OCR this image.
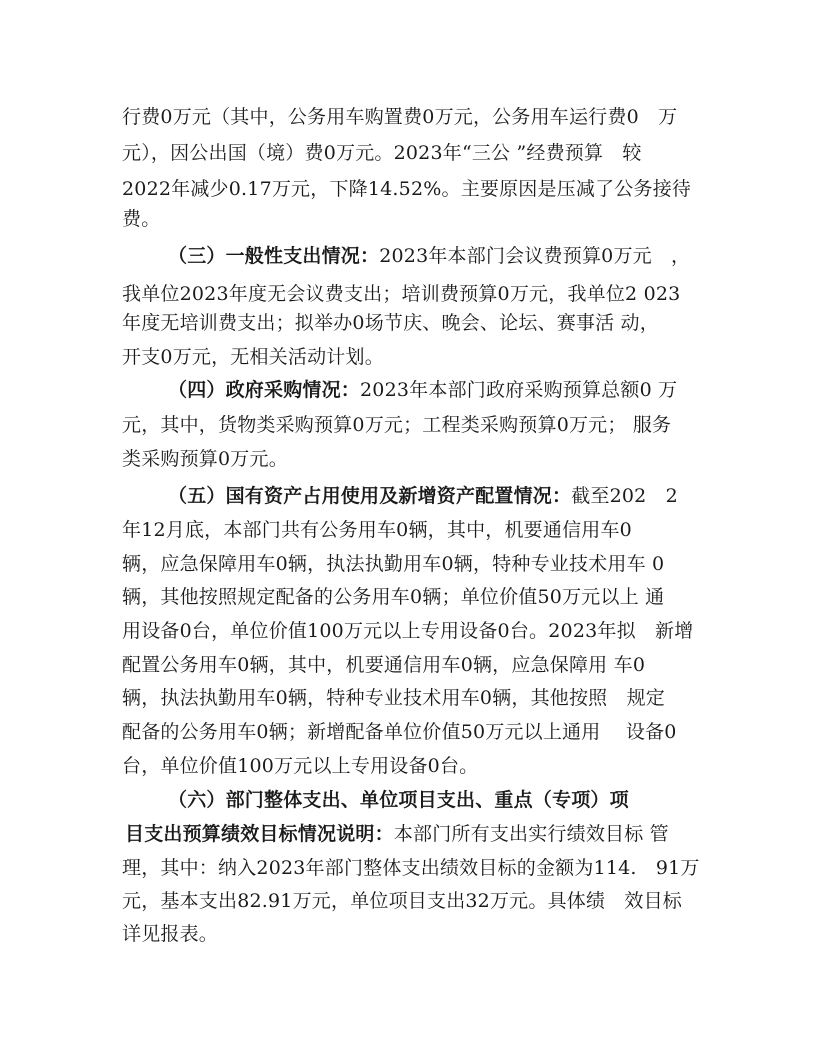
行费0万元（其中，公务用车购置费0万元，公务用车运行费0　万
元），因公出国（境）费0万元。2023年“三公 ”经费预算　较
2022年减少0.17万元，下降14.52%。主要原因是压减了公务接待
费。
（三）一般性支出情况：2023年本部门会议费预算0万元　，
我单位2023年度无会议费支出；培训费预算0万元，我单位2 023
年度无培训费支出；拟举办0场节庆、晚会、论坛、赛事活 动，
开支0万元，无相关活动计划。
（四）政府采购情况：2023年本部门政府采购预算总额0 万
元，其中，货物类采购预算0万元；工程类采购预算0万元； 服务
类采购预算0万元。
（五）国有资产占用使用及新增资产配置情况：截至202　2
年12月底，本部门共有公务用车0辆，其中，机要通信用车0
辆，应急保障用车0辆，执法执勤用车0辆，特种专业技术用车 0
辆，其他按照规定配备的公务用车0辆；单位价值50万元以上 通
用设备0台，单位价值100万元以上专用设备0台。2023年拟　新增
配置公务用车0辆，其中，机要通信用车0辆，应急保障用 车0
辆，执法执勤用车0辆，特种专业技术用车0辆，其他按照　规定
配备的公务用车0辆；新增配备单位价值50万元以上通用　 设备0
台，单位价值100万元以上专用设备0台。
（六）部门整体支出、单位项目支出、重点（专项）项
目支出预算绩效目标情况说明：本部门所有支出实行绩效目标 管
理，其中：纳入2023年部门整体支出绩效目标的金额为114.　91万
元，基本支出82.91万元，单位项目支出32万元。具体绩　效目标
详见报表。
